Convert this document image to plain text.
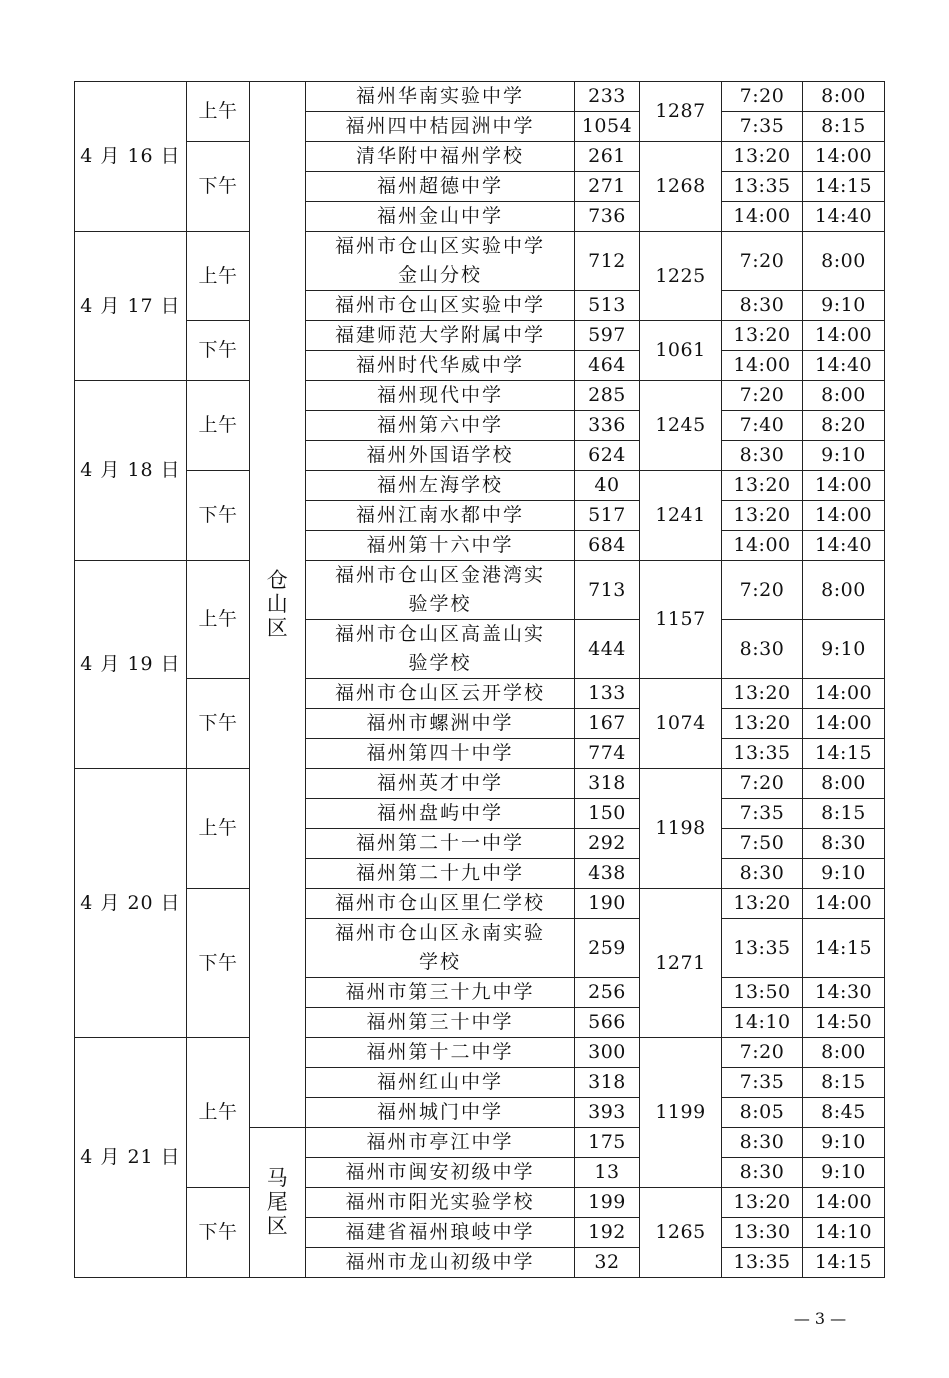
4 月 16 日	上午	仓山区	福州华南实验中学	233	1287	7:20	8:00
			福州四中桔园洲中学	1054		7:35	8:15
	下午		清华附中福州学校	261	1268	13:20	14:00
			福州超德中学	271		13:35	14:15
			福州金山中学	736		14:00	14:40
4 月 17 日	上午		福州市仓山区实验中学金山分校	712	1225	7:20	8:00
			福州市仓山区实验中学	513		8:30	9:10
	下午		福建师范大学附属中学	597	1061	13:20	14:00
			福州时代华威中学	464		14:00	14:40
4 月 18 日	上午		福州现代中学	285	1245	7:20	8:00
			福州第六中学	336		7:40	8:20
			福州外国语学校	624		8:30	9:10
	下午		福州左海学校	40	1241	13:20	14:00
			福州江南水都中学	517		13:20	14:00
			福州第十六中学	684		14:00	14:40
4 月 19 日	上午		福州市仓山区金港湾实验学校	713	1157	7:20	8:00
			福州市仓山区高盖山实验学校	444		8:30	9:10
	下午		福州市仓山区云开学校	133	1074	13:20	14:00
			福州市螺洲中学	167		13:20	14:00
			福州第四十中学	774		13:35	14:15
4 月 20 日	上午		福州英才中学	318	1198	7:20	8:00
			福州盘屿中学	150		7:35	8:15
			福州第二十一中学	292		7:50	8:30
			福州第二十九中学	438		8:30	9:10
	下午		福州市仓山区里仁学校	190	1271	13:20	14:00
			福州市仓山区永南实验学校	259		13:35	14:15
			福州市第三十九中学	256		13:50	14:30
			福州第三十中学	566		14:10	14:50
4 月 21 日	上午		福州第十二中学	300	1199	7:20	8:00
			福州红山中学	318		7:35	8:15
			福州城门中学	393		8:05	8:45
		马尾区	福州市亭江中学	175		8:30	9:10
			福州市闽安初级中学	13		8:30	9:10
	下午		福州市阳光实验学校	199	1265	13:20	14:00
			福建省福州琅岐中学	192		13:30	14:10
			福州市龙山初级中学	32		13:35	14:15
— 3 —
